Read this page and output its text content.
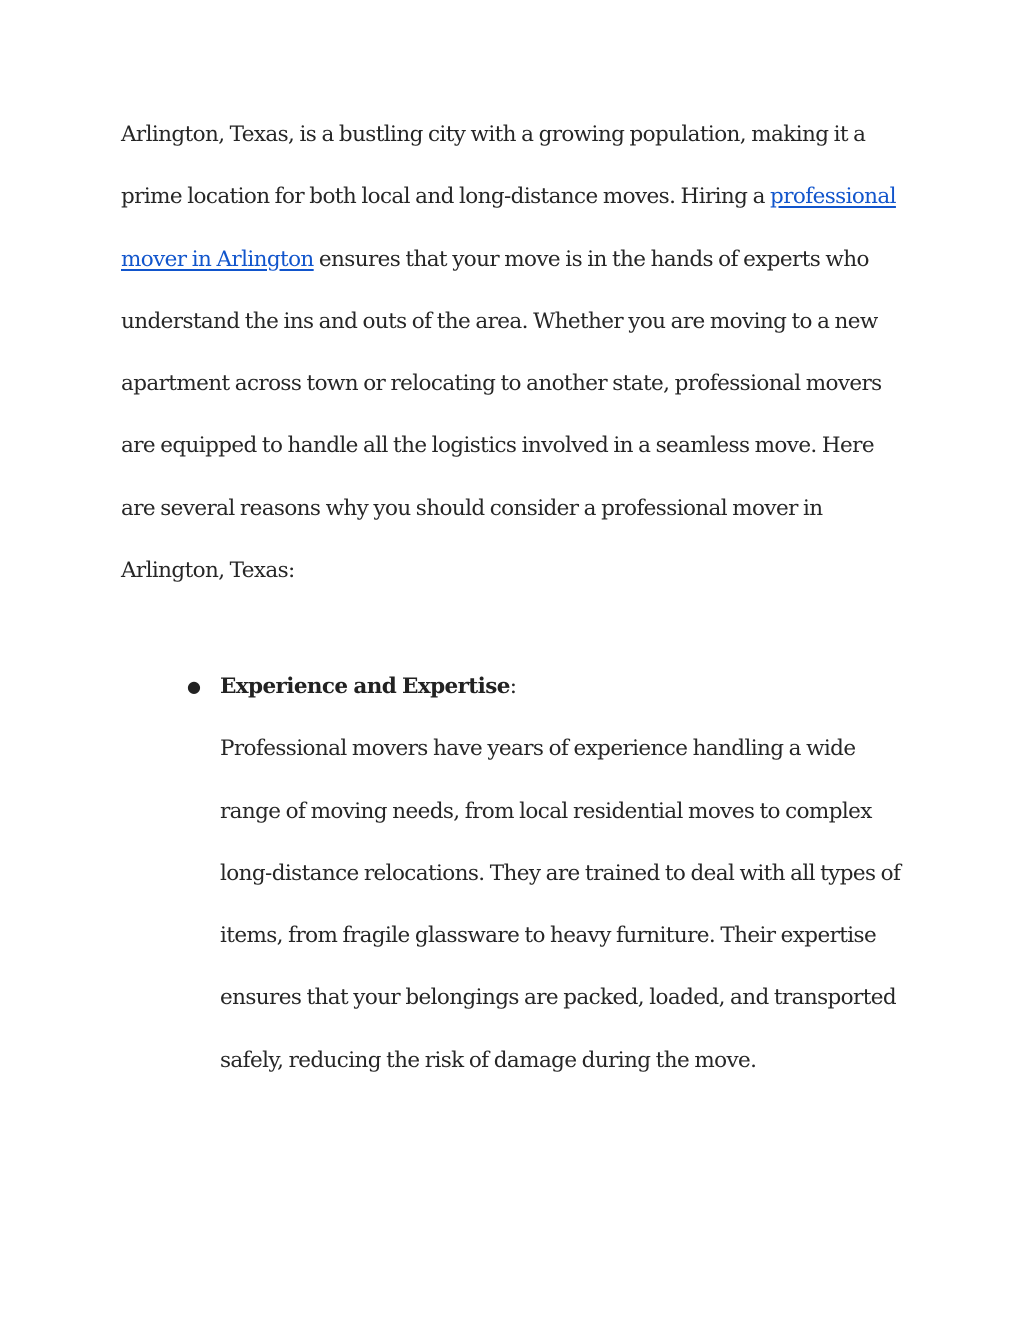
Arlington, Texas, is a bustling city with a growing population, making it a prime location for both local and long-distance moves. Hiring a professional mover in Arlington ensures that your move is in the hands of experts who understand the ins and outs of the area. Whether you are moving to a new apartment across town or relocating to another state, professional movers are equipped to handle all the logistics involved in a seamless move. Here are several reasons why you should consider a professional mover in Arlington, Texas:

● Experience and Expertise:

Professional movers have years of experience handling a wide range of moving needs, from local residential moves to complex long-distance relocations. They are trained to deal with all types of items, from fragile glassware to heavy furniture. Their expertise ensures that your belongings are packed, loaded, and transported safely, reducing the risk of damage during the move.
